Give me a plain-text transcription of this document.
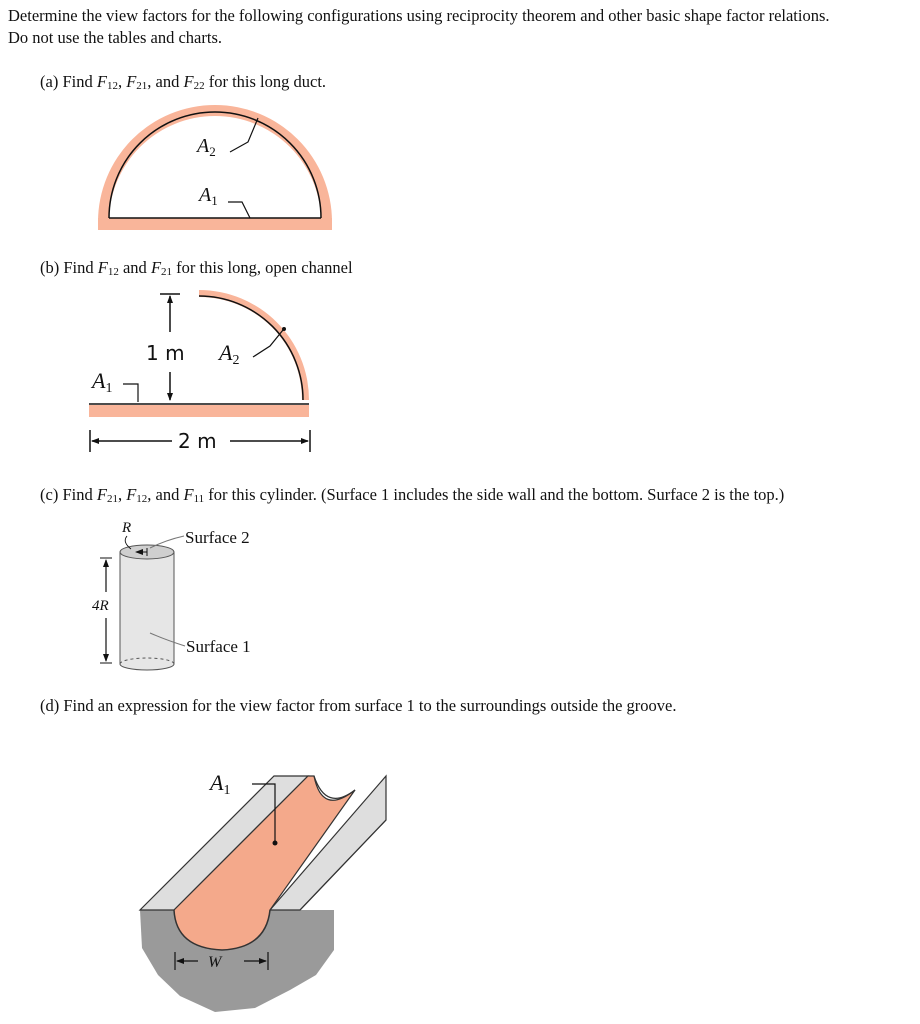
Determine the view factors for the following configurations using reciprocity theorem and other basic shape factor relations.
Do not use the tables and charts.
(a) Find F12, F21, and F22 for this long duct.
(b) Find F12 and F21 for this long, open channel
(c) Find F21, F12, and F11 for this cylinder. (Surface 1 includes the side wall and the bottom. Surface 2 is the top.)
(d) Find an expression for the view factor from surface 1 to the surroundings outside the groove.
$A_2$
$A_1$
1 m A2
A1
2 m
R
4R
Surface 2
Surface 1
A1
W
